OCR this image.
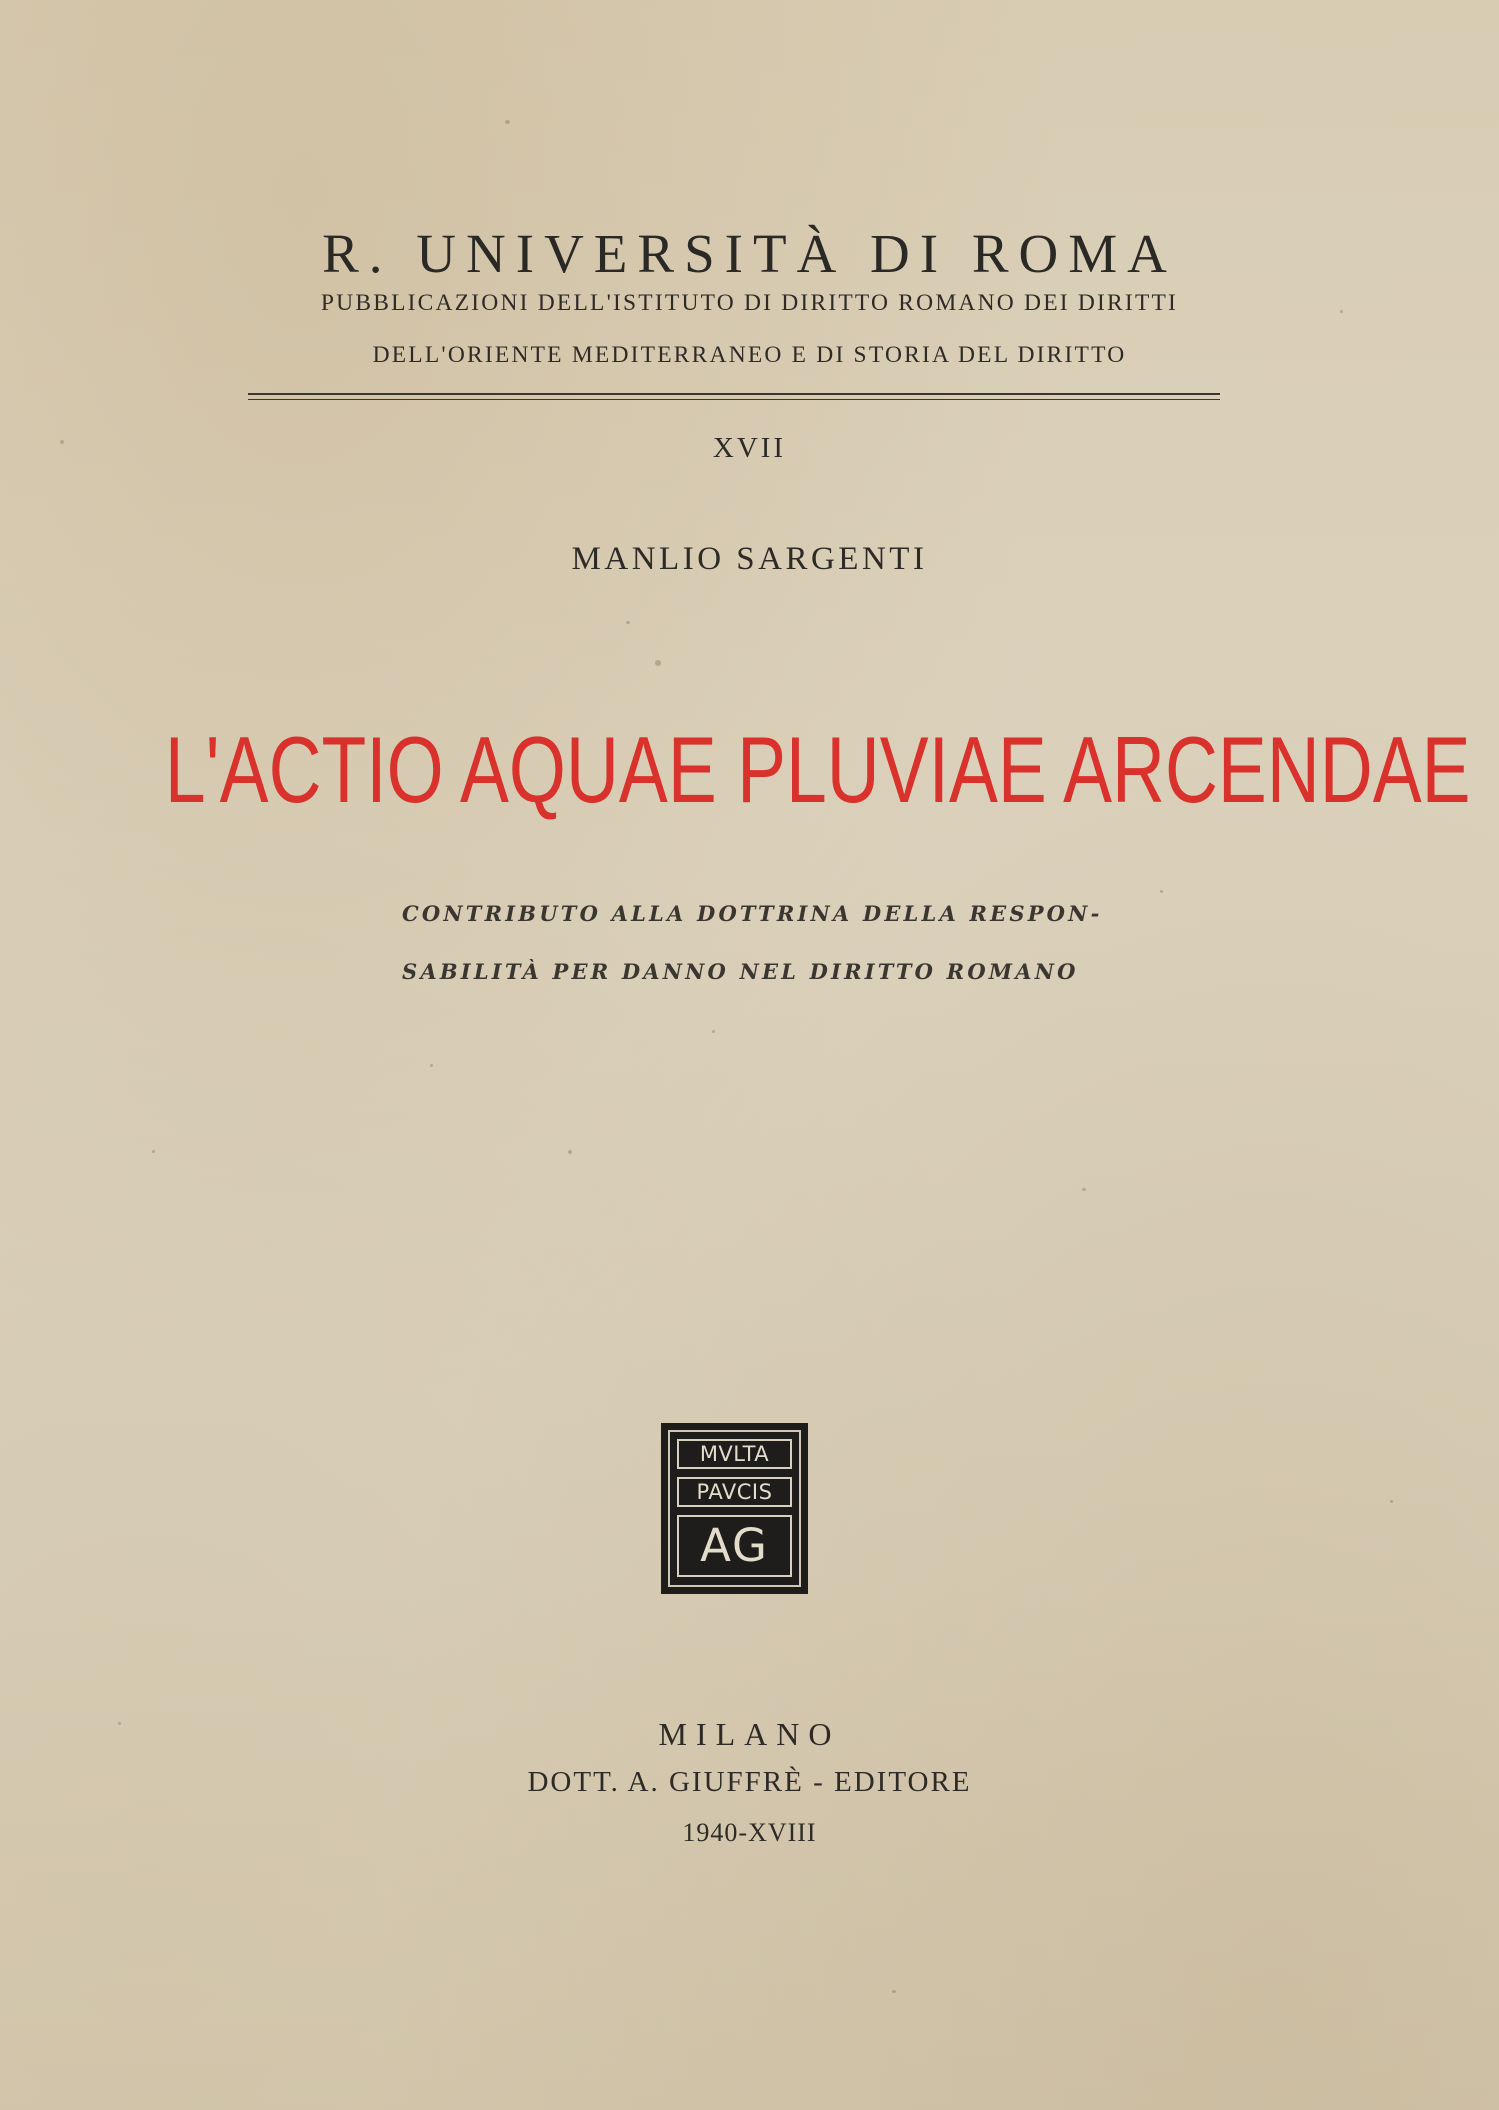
R. UNIVERSITÀ DI ROMA
PUBBLICAZIONI DELL'ISTITUTO DI DIRITTO ROMANO DEI DIRITTI
DELL'ORIENTE MEDITERRANEO E DI STORIA DEL DIRITTO
XVII
MANLIO SARGENTI
L'ACTIO AQUAE PLUVIAE ARCENDAE
CONTRIBUTO ALLA DOTTRINA DELLA RESPON-
SABILITÀ PER DANNO NEL DIRITTO ROMANO
MVLTA
PAVCIS
AG
MILANO
DOTT. A. GIUFFRÈ - EDITORE
1940-XVIII
